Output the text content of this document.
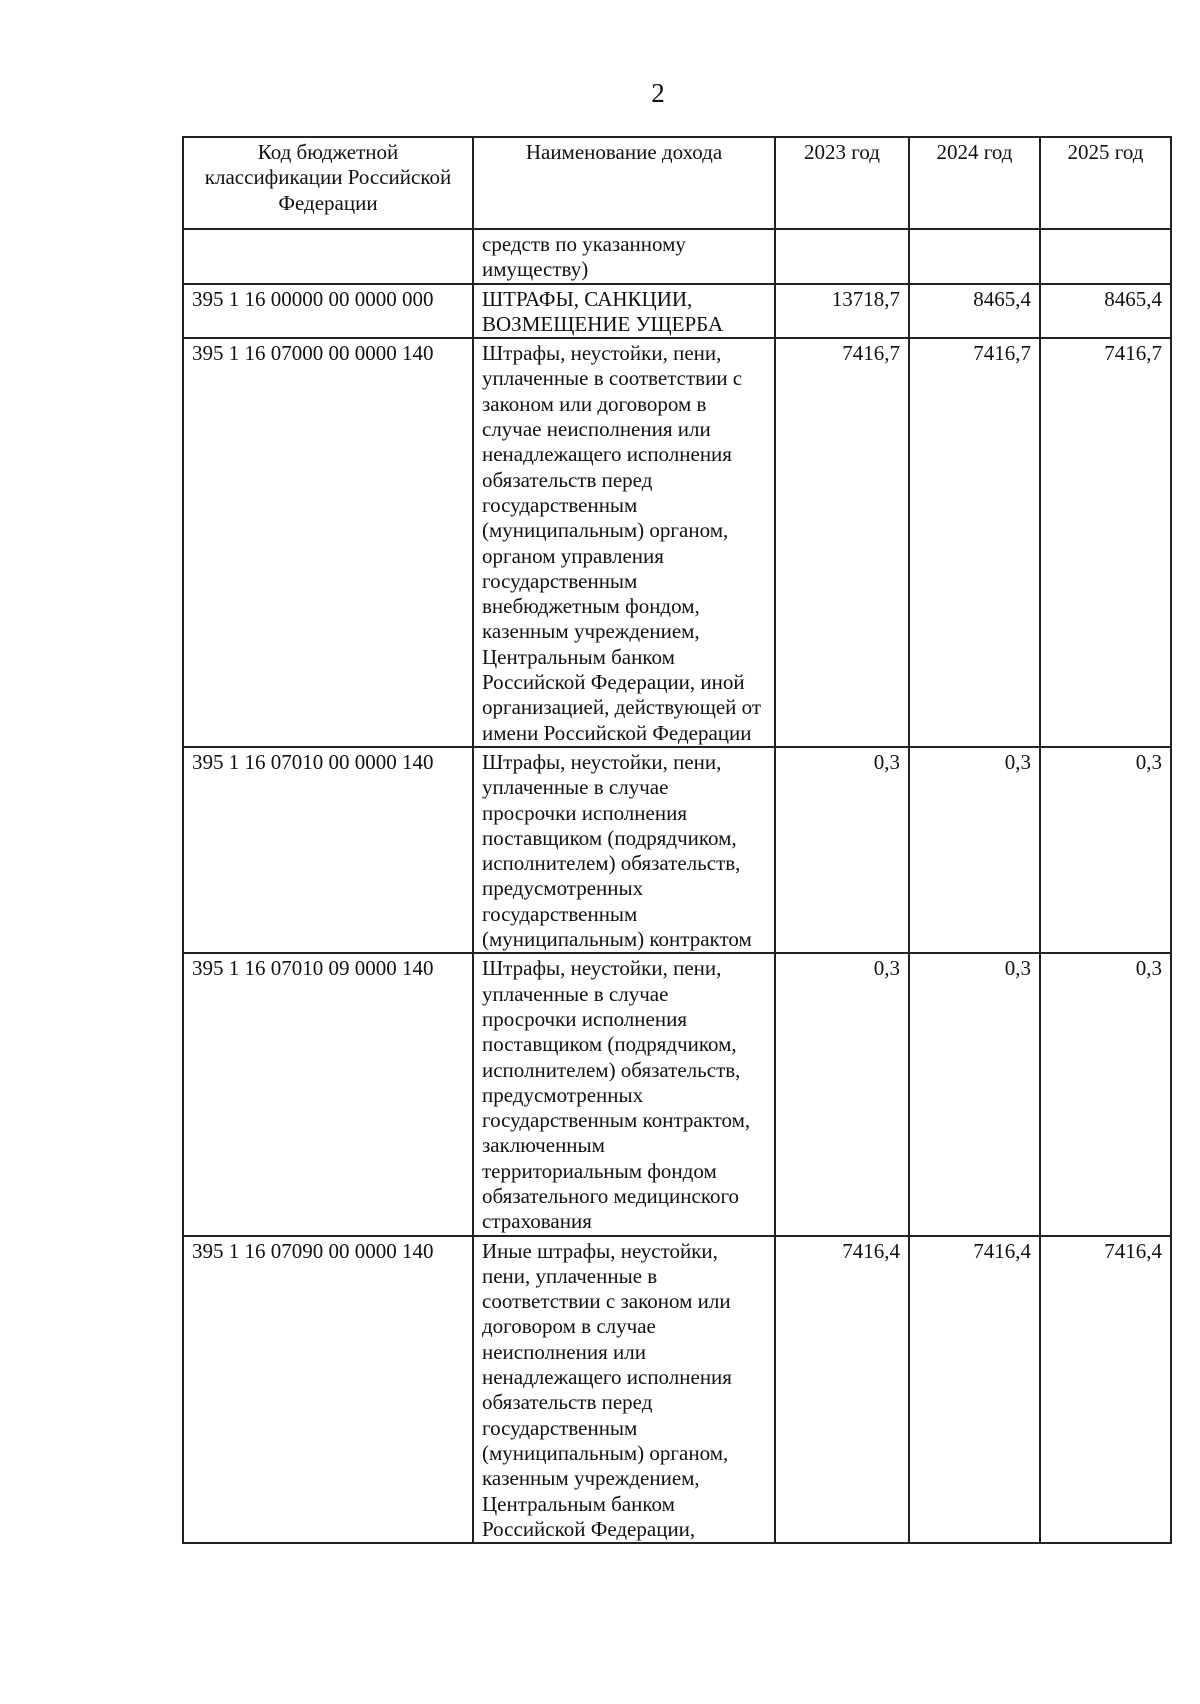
2
Код бюджетной классификации Российской Федерации	Наименование дохода	2023 год	2024 год	2025 год
	средств по указанному имуществу)			
395 1 16 00000 00 0000 000	ШТРАФЫ, САНКЦИИ, ВОЗМЕЩЕНИЕ УЩЕРБА	13718,7	8465,4	8465,4
395 1 16 07000 00 0000 140	Штрафы, неустойки, пени, уплаченные в соответствии с законом или договором в случае неисполнения или ненадлежащего исполнения обязательств перед государственным (муниципальным) органом, органом управления государственным внебюджетным фондом, казенным учреждением, Центральным банком Российской Федерации, иной организацией, действующей от имени Российской Федерации	7416,7	7416,7	7416,7
395 1 16 07010 00 0000 140	Штрафы, неустойки, пени, уплаченные в случае просрочки исполнения поставщиком (подрядчиком, исполнителем) обязательств, предусмотренных государственным (муниципальным) контрактом	0,3	0,3	0,3
395 1 16 07010 09 0000 140	Штрафы, неустойки, пени, уплаченные в случае просрочки исполнения поставщиком (подрядчиком, исполнителем) обязательств, предусмотренных государственным контрактом, заключенным территориальным фондом обязательного медицинского страхования	0,3	0,3	0,3
395 1 16 07090 00 0000 140	Иные штрафы, неустойки, пени, уплаченные в соответствии с законом или договором в случае неисполнения или ненадлежащего исполнения обязательств перед государственным (муниципальным) органом, казенным учреждением, Центральным банком Российской Федерации,	7416,4	7416,4	7416,4
